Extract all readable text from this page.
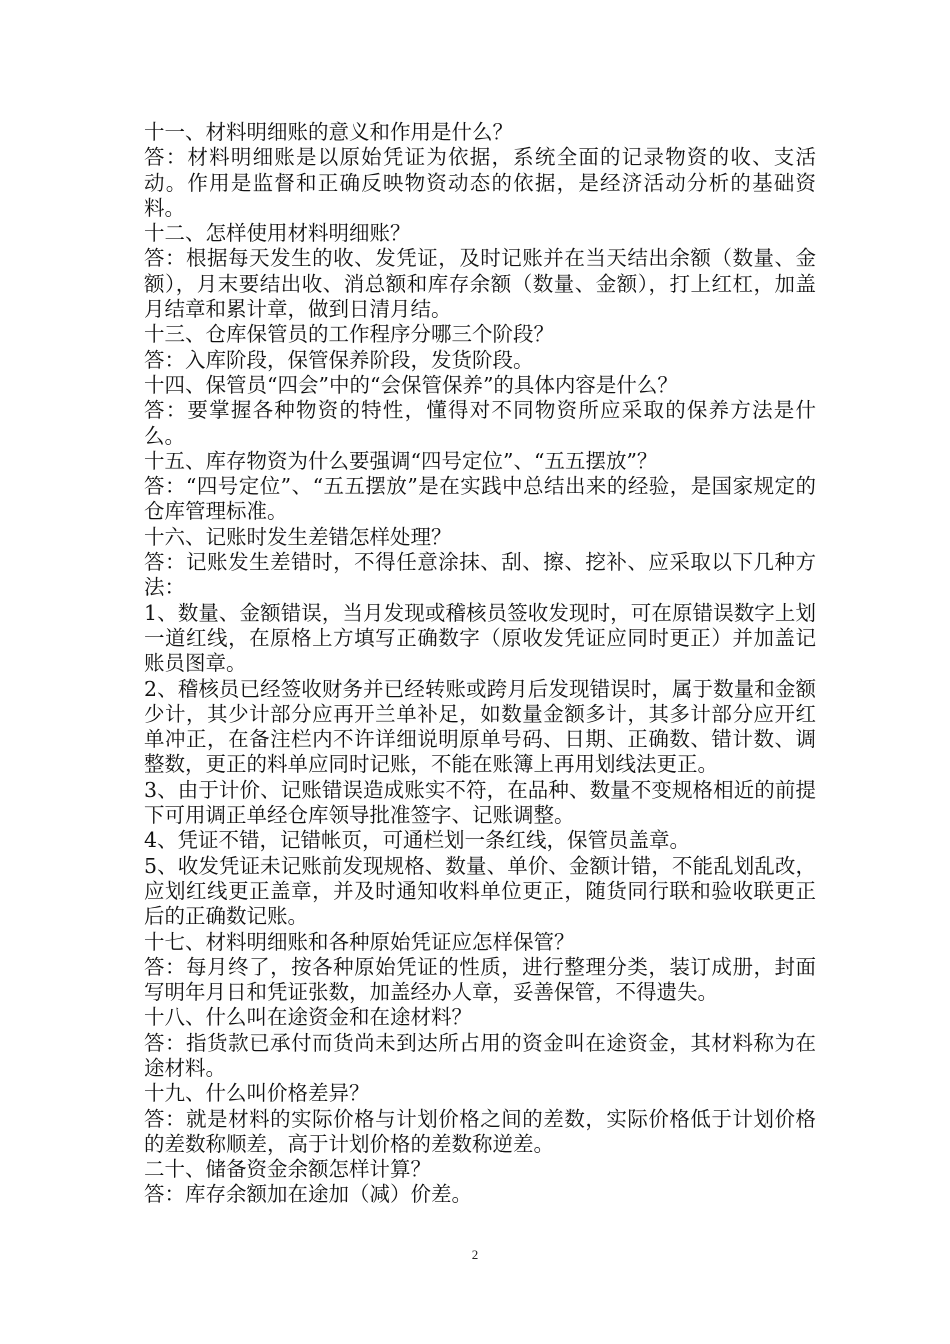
十一、材料明细账的意义和作用是什么？

答：材料明细账是以原始凭证为依据，系统全面的记录物资的收、支活动。作用是监督和正确反映物资动态的依据，是经济活动分析的基础资料。

十二、怎样使用材料明细账？

答：根据每天发生的收、发凭证，及时记账并在当天结出余额（数量、金额），月末要结出收、消总额和库存余额（数量、金额），打上红杠，加盖月结章和累计章，做到日清月结。

十三、仓库保管员的工作程序分哪三个阶段？

答：入库阶段，保管保养阶段，发货阶段。

十四、保管员“四会”中的“会保管保养”的具体内容是什么？

答：要掌握各种物资的特性，懂得对不同物资所应采取的保养方法是什么。

十五、库存物资为什么要强调“四号定位”、“五五摆放”？

答：“四号定位”、“五五摆放”是在实践中总结出来的经验，是国家规定的仓库管理标准。

十六、记账时发生差错怎样处理？

答：记账发生差错时，不得任意涂抹、刮、擦、挖补、应采取以下几种方法：

1、数量、金额错误，当月发现或稽核员签收发现时，可在原错误数字上划一道红线，在原格上方填写正确数字（原收发凭证应同时更正）并加盖记账员图章。

2、稽核员已经签收财务并已经转账或跨月后发现错误时，属于数量和金额少计，其少计部分应再开兰单补足，如数量金额多计，其多计部分应开红单冲正，在备注栏内不许详细说明原单号码、日期、正确数、错计数、调整数，更正的料单应同时记账，不能在账簿上再用划线法更正。

3、由于计价、记账错误造成账实不符，在品种、数量不变规格相近的前提下可用调正单经仓库领导批准签字、记账调整。

4、凭证不错，记错帐页，可通栏划一条红线，保管员盖章。

5、收发凭证未记账前发现规格、数量、单价、金额计错，不能乱划乱改，应划红线更正盖章，并及时通知收料单位更正，随货同行联和验收联更正后的正确数记账。

十七、材料明细账和各种原始凭证应怎样保管？

答：每月终了，按各种原始凭证的性质，进行整理分类，装订成册，封面写明年月日和凭证张数，加盖经办人章，妥善保管，不得遗失。

十八、什么叫在途资金和在途材料？

答：指货款已承付而货尚未到达所占用的资金叫在途资金，其材料称为在途材料。

十九、什么叫价格差异？

答：就是材料的实际价格与计划价格之间的差数，实际价格低于计划价格的差数称顺差，高于计划价格的差数称逆差。

二十、储备资金余额怎样计算？

答：库存余额加在途加（减）价差。

2
